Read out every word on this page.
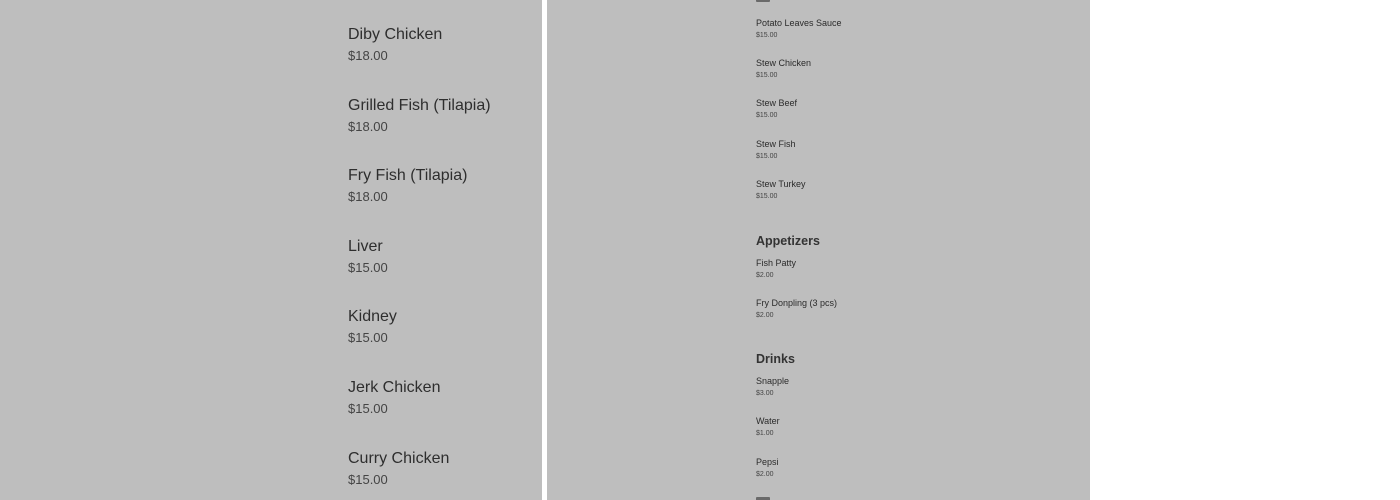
Diby Chicken
$18.00
Grilled Fish (Tilapia)
$18.00
Fry Fish (Tilapia)
$18.00
Liver
$15.00
Kidney
$15.00
Jerk Chicken
$15.00
Curry Chicken
$15.00
Potato Leaves Sauce
$15.00
Stew Chicken
$15.00
Stew Beef
$15.00
Stew Fish
$15.00
Stew Turkey
$15.00
Appetizers
Fish Patty
$2.00
Fry Donpling (3 pcs)
$2.00
Drinks
Snapple
$3.00
Water
$1.00
Pepsi
$2.00
